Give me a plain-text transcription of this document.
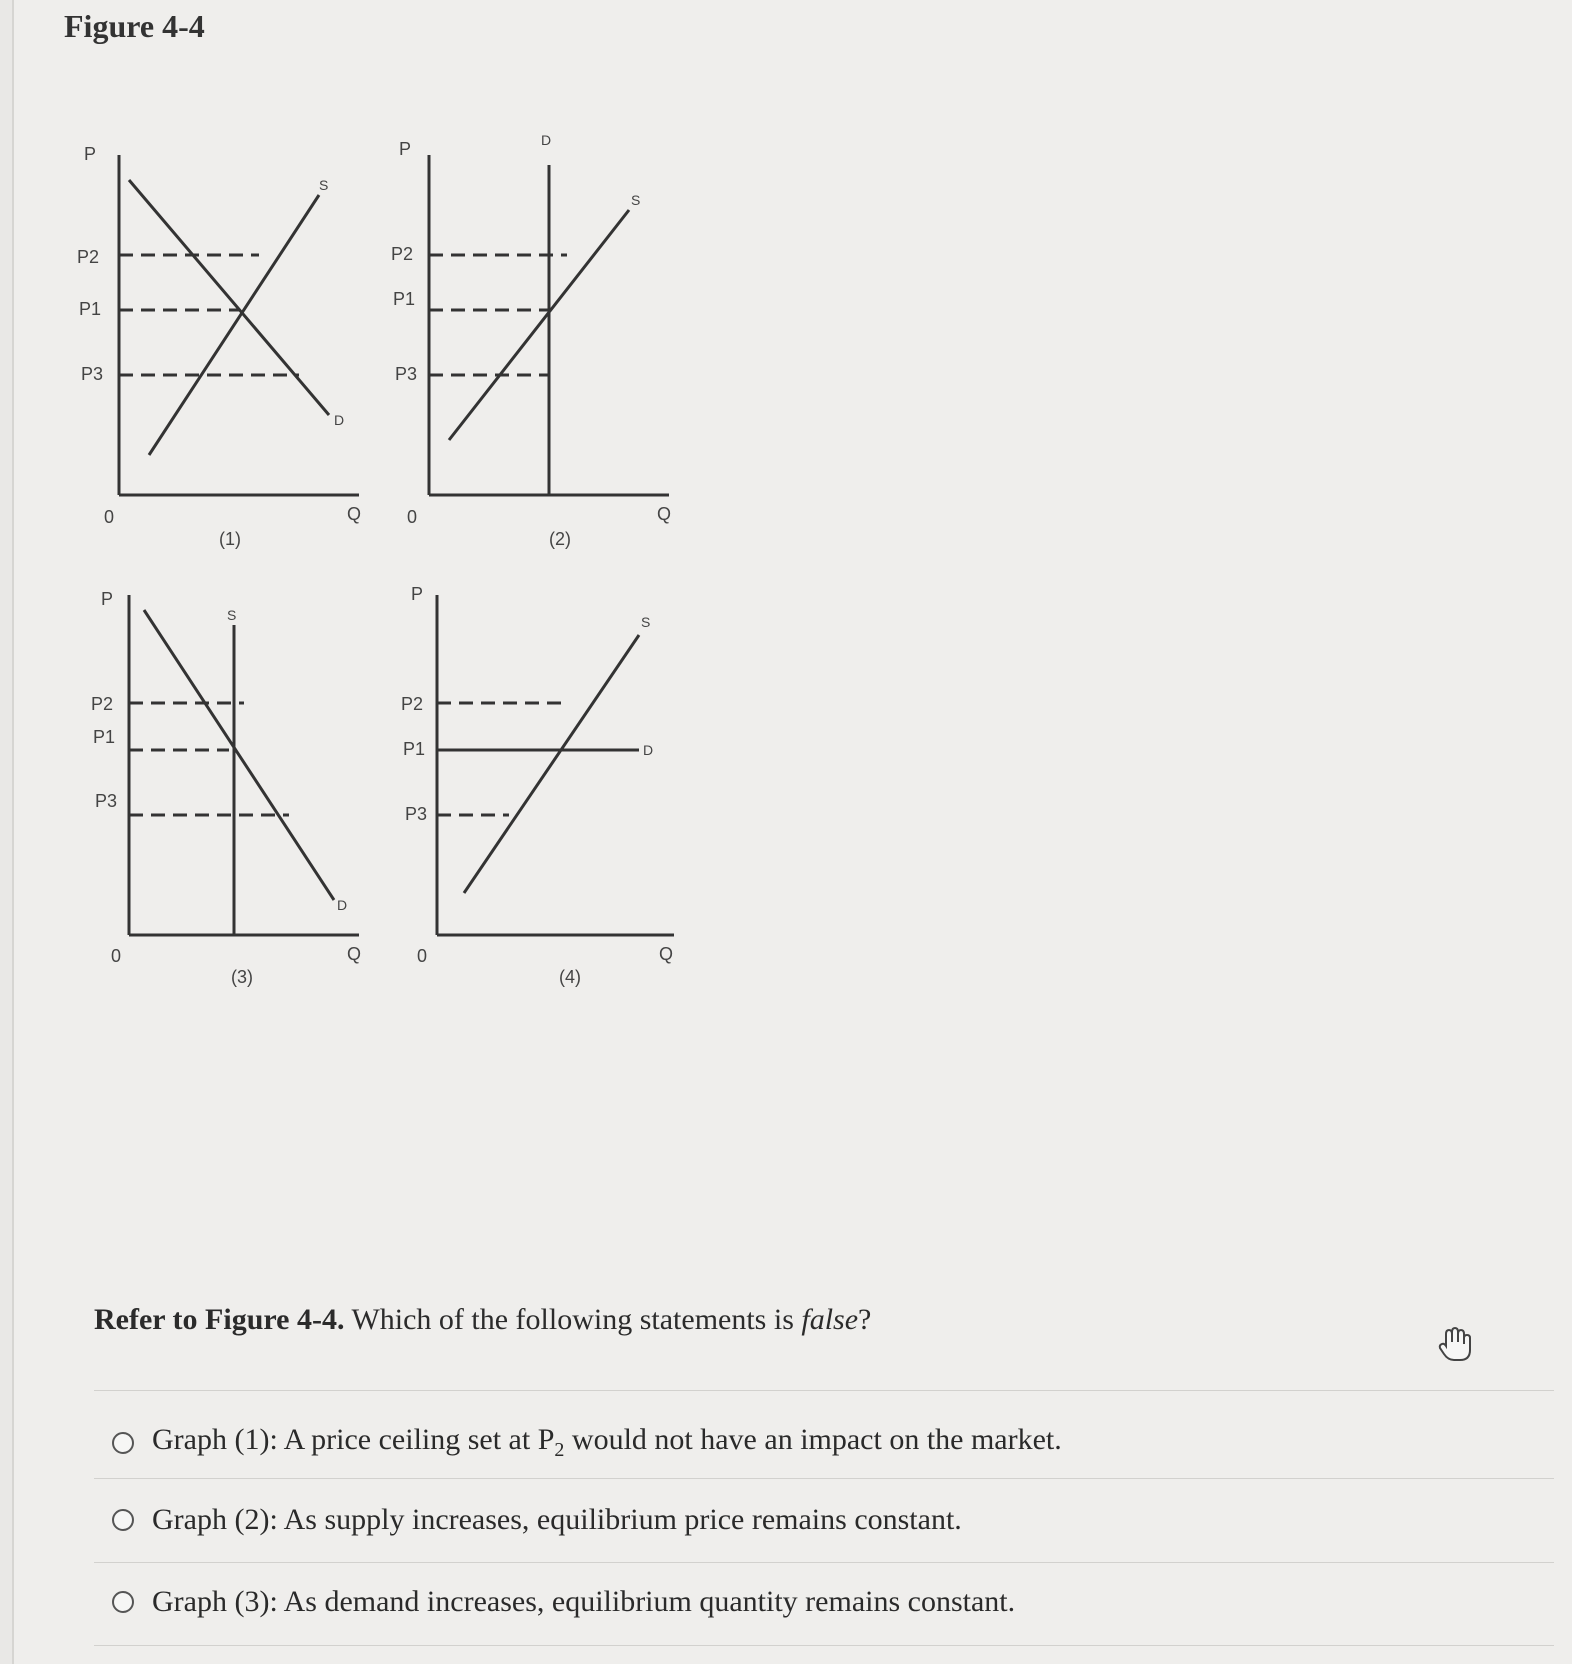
Figure 4-4
P
P2
P1
P3
S
D
0	Q
(1)
P	D
S
P2
P1
P3
0	Q
(2)
P
S
P2
P1
P3
D
0	Q
(3)
P
S
P2
P1
P3
D
0	Q
(4)
Refer to Figure 4-4. Which of the following statements is false?
Graph (1): A price ceiling set at $P_2$ would not have an impact on the market.
Graph (2): As supply increases, equilibrium price remains constant.
Graph (3): As demand increases, equilibrium quantity remains constant.
